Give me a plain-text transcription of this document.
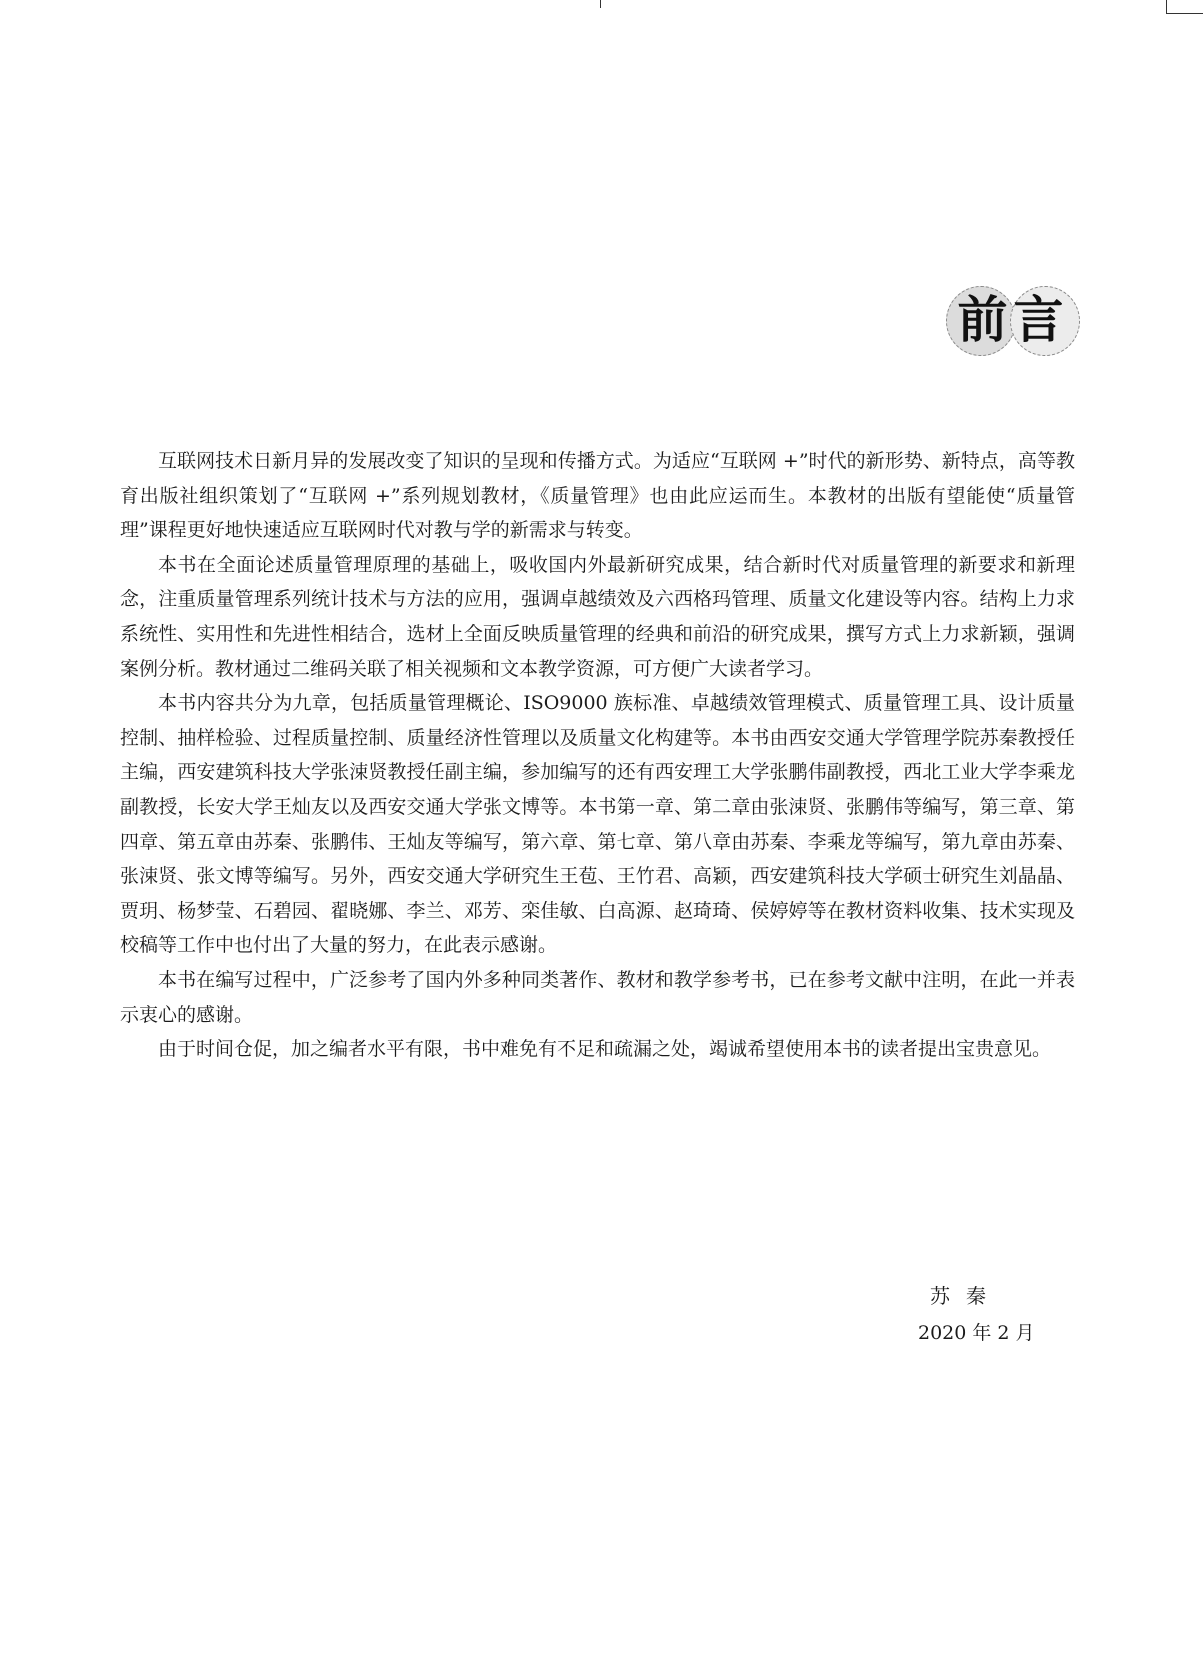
前言

互联网技术日新月异的发展改变了知识的呈现和传播方式。为适应“互联网 +”时代的新形势、新特点，高等教育出版社组织策划了“互联网 +”系列规划教材，《质量管理》也由此应运而生。本教材的出版有望能使“质量管理”课程更好地快速适应互联网时代对教与学的新需求与转变。

本书在全面论述质量管理原理的基础上，吸收国内外最新研究成果，结合新时代对质量管理的新要求和新理念，注重质量管理系列统计技术与方法的应用，强调卓越绩效及六西格玛管理、质量文化建设等内容。结构上力求系统性、实用性和先进性相结合，选材上全面反映质量管理的经典和前沿的研究成果，撰写方式上力求新颖，强调案例分析。教材通过二维码关联了相关视频和文本教学资源，可方便广大读者学习。

本书内容共分为九章，包括质量管理概论、ISO9000 族标准、卓越绩效管理模式、质量管理工具、设计质量控制、抽样检验、过程质量控制、质量经济性管理以及质量文化构建等。本书由西安交通大学管理学院苏秦教授任主编，西安建筑科技大学张涑贤教授任副主编，参加编写的还有西安理工大学张鹏伟副教授，西北工业大学李乘龙副教授，长安大学王灿友以及西安交通大学张文博等。本书第一章、第二章由张涑贤、张鹏伟等编写，第三章、第四章、第五章由苏秦、张鹏伟、王灿友等编写，第六章、第七章、第八章由苏秦、李乘龙等编写，第九章由苏秦、张涑贤、张文博等编写。另外，西安交通大学研究生王苞、王竹君、高颖，西安建筑科技大学硕士研究生刘晶晶、贾玥、杨梦莹、石碧园、翟晓娜、李兰、邓芳、栾佳敏、白高源、赵琦琦、侯婷婷等在教材资料收集、技术实现及校稿等工作中也付出了大量的努力，在此表示感谢。

本书在编写过程中，广泛参考了国内外多种同类著作、教材和教学参考书，已在参考文献中注明，在此一并表示衷心的感谢。

由于时间仓促，加之编者水平有限，书中难免有不足和疏漏之处，竭诚希望使用本书的读者提出宝贵意见。

苏秦
2020 年 2 月
